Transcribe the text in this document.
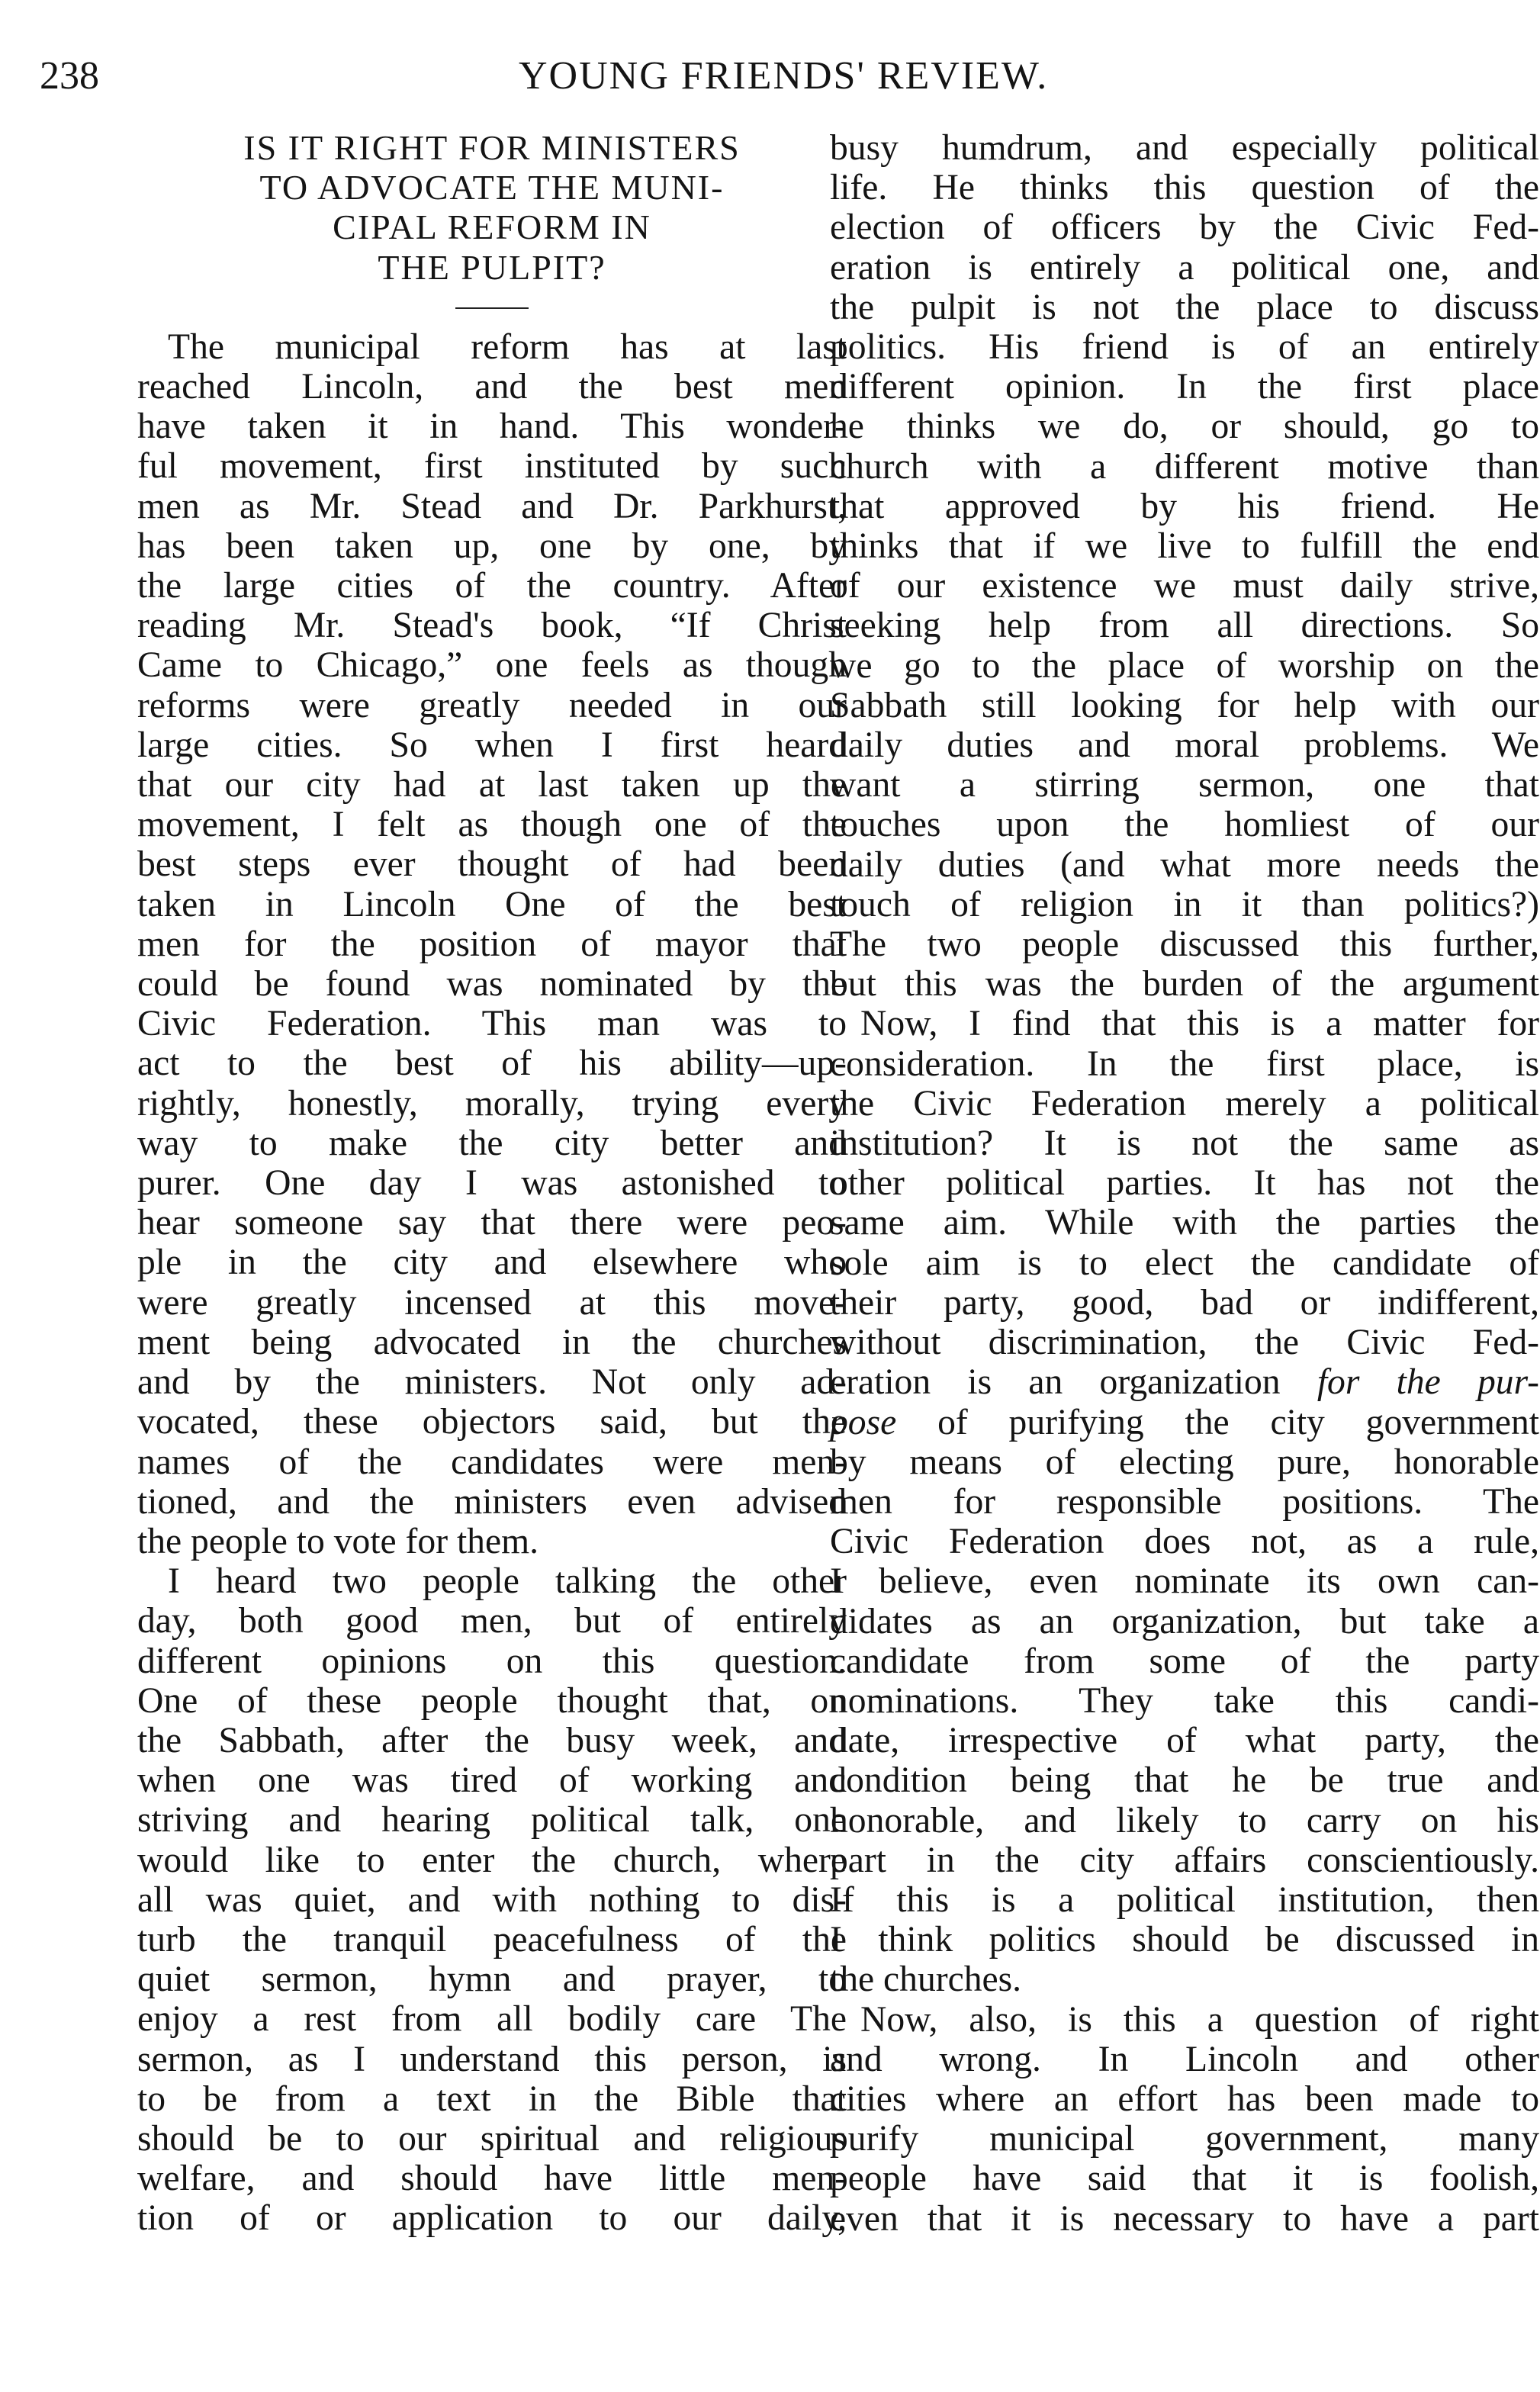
238	YOUNG FRIENDS' REVIEW.
IS IT RIGHT FOR MINISTERS
TO ADVOCATE THE MUNI-
CIPAL REFORM IN
THE PULPIT?
The municipal reform has at last
reached Lincoln, and the best men
have taken it in hand. This wonder-
ful movement, first instituted by such
men as Mr. Stead and Dr. Parkhurst,
has been taken up, one by one, by
the large cities of the country. After
reading Mr. Stead's book, “If Christ
Came to Chicago,” one feels as though
reforms were greatly needed in our
large cities. So when I first heard
that our city had at last taken up the
movement, I felt as though one of the
best steps ever thought of had been
taken in Lincoln One of the best
men for the position of mayor that
could be found was nominated by the
Civic Federation. This man was to
act to the best of his ability—up-
rightly, honestly, morally, trying every
way to make the city better and
purer. One day I was astonished to
hear someone say that there were peo-
ple in the city and elsewhere who
were greatly incensed at this move-
ment being advocated in the churches
and by the ministers. Not only ad-
vocated, these objectors said, but the
names of the candidates were men-
tioned, and the ministers even advised
the people to vote for them.
I heard two people talking the other
day, both good men, but of entirely
different opinions on this question.
One of these people thought that, on
the Sabbath, after the busy week, and
when one was tired of working and
striving and hearing political talk, one
would like to enter the church, where
all was quiet, and with nothing to dis-
turb the tranquil peacefulness of the
quiet sermon, hymn and prayer, to
enjoy a rest from all bodily care The
sermon, as I understand this person, is
to be from a text in the Bible that
should be to our spiritual and religious
welfare, and should have little men-
tion of or application to our daily,
busy humdrum, and especially political
life. He thinks this question of the
election of officers by the Civic Fed-
eration is entirely a political one, and
the pulpit is not the place to discuss
politics. His friend is of an entirely
different opinion. In the first place
he thinks we do, or should, go to
church with a different motive than
that approved by his friend. He
thinks that if we live to fulfill the end
of our existence we must daily strive,
seeking help from all directions. So
we go to the place of worship on the
Sabbath still looking for help with our
daily duties and moral problems. We
want a stirring sermon, one that
touches upon the homliest of our
daily duties (and what more needs the
touch of religion in it than politics?)
The two people discussed this further,
but this was the burden of the argument
Now, I find that this is a matter for
consideration. In the first place, is
the Civic Federation merely a political
institution? It is not the same as
other political parties. It has not the
same aim. While with the parties the
sole aim is to elect the candidate of
their party, good, bad or indifferent,
without discrimination, the Civic Fed-
eration is an organization for the pur-
pose of purifying the city government
by means of electing pure, honorable
men for responsible positions. The
Civic Federation does not, as a rule,
I believe, even nominate its own can-
didates as an organization, but take a
candidate from some of the party
nominations. They take this candi-
date, irrespective of what party, the
condition being that he be true and
honorable, and likely to carry on his
part in the city affairs conscientiously.
If this is a political institution, then
I think politics should be discussed in
the churches.
Now, also, is this a question of right
and wrong. In Lincoln and other
cities where an effort has been made to
purify municipal government, many
people have said that it is foolish,
even that it is necessary to have a part
